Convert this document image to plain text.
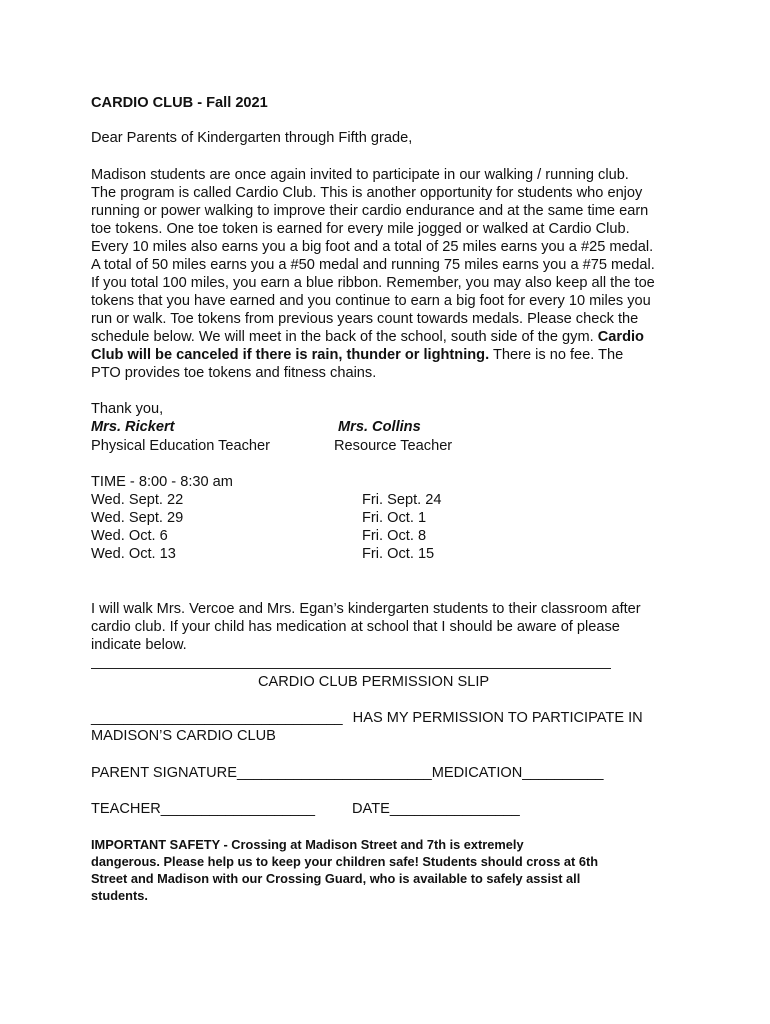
CARDIO CLUB - Fall 2021
Dear Parents of Kindergarten through Fifth grade,
Madison students are once again invited to participate in our walking / running club.
The program is called Cardio Club. This is another opportunity for students who enjoy
running or power walking to improve their cardio endurance and at the same time earn
toe tokens. One toe token is earned for every mile jogged or walked at Cardio Club.
Every 10 miles also earns you a big foot and a total of 25 miles earns you a #25 medal.
A total of 50 miles earns you a #50 medal and running 75 miles earns you a #75 medal.
If you total 100 miles, you earn a blue ribbon. Remember, you may also keep all the toe
tokens that you have earned and you continue to earn a big foot for every 10 miles you
run or walk. Toe tokens from previous years count towards medals. Please check the
schedule below. We will meet in the back of the school, south side of the gym. Cardio
Club will be canceled if there is rain, thunder or lightning. There is no fee. The
PTO provides toe tokens and fitness chains.
Thank you,
Mrs. Rickert
Physical Education Teacher
Mrs. Collins
Resource Teacher
TIME - 8:00 - 8:30 am
Wed. Sept. 22
Wed. Sept. 29
Wed. Oct. 6
Wed. Oct. 13
Fri. Sept. 24
Fri. Oct. 1
Fri. Oct. 8
Fri. Oct. 15
I will walk Mrs. Vercoe and Mrs. Egan’s kindergarten students to their classroom after
cardio club. If your child has medication at school that I should be aware of please
indicate below.
CARDIO CLUB PERMISSION SLIP
_______________________________ HAS MY PERMISSION TO PARTICIPATE IN
MADISON’S CARDIO CLUB
PARENT SIGNATURE________________________MEDICATION__________
TEACHER___________________	DATE________________
IMPORTANT SAFETY - Crossing at Madison Street and 7th is extremely
dangerous. Please help us to keep your children safe! Students should cross at 6th
Street and Madison with our Crossing Guard, who is available to safely assist all
students.
